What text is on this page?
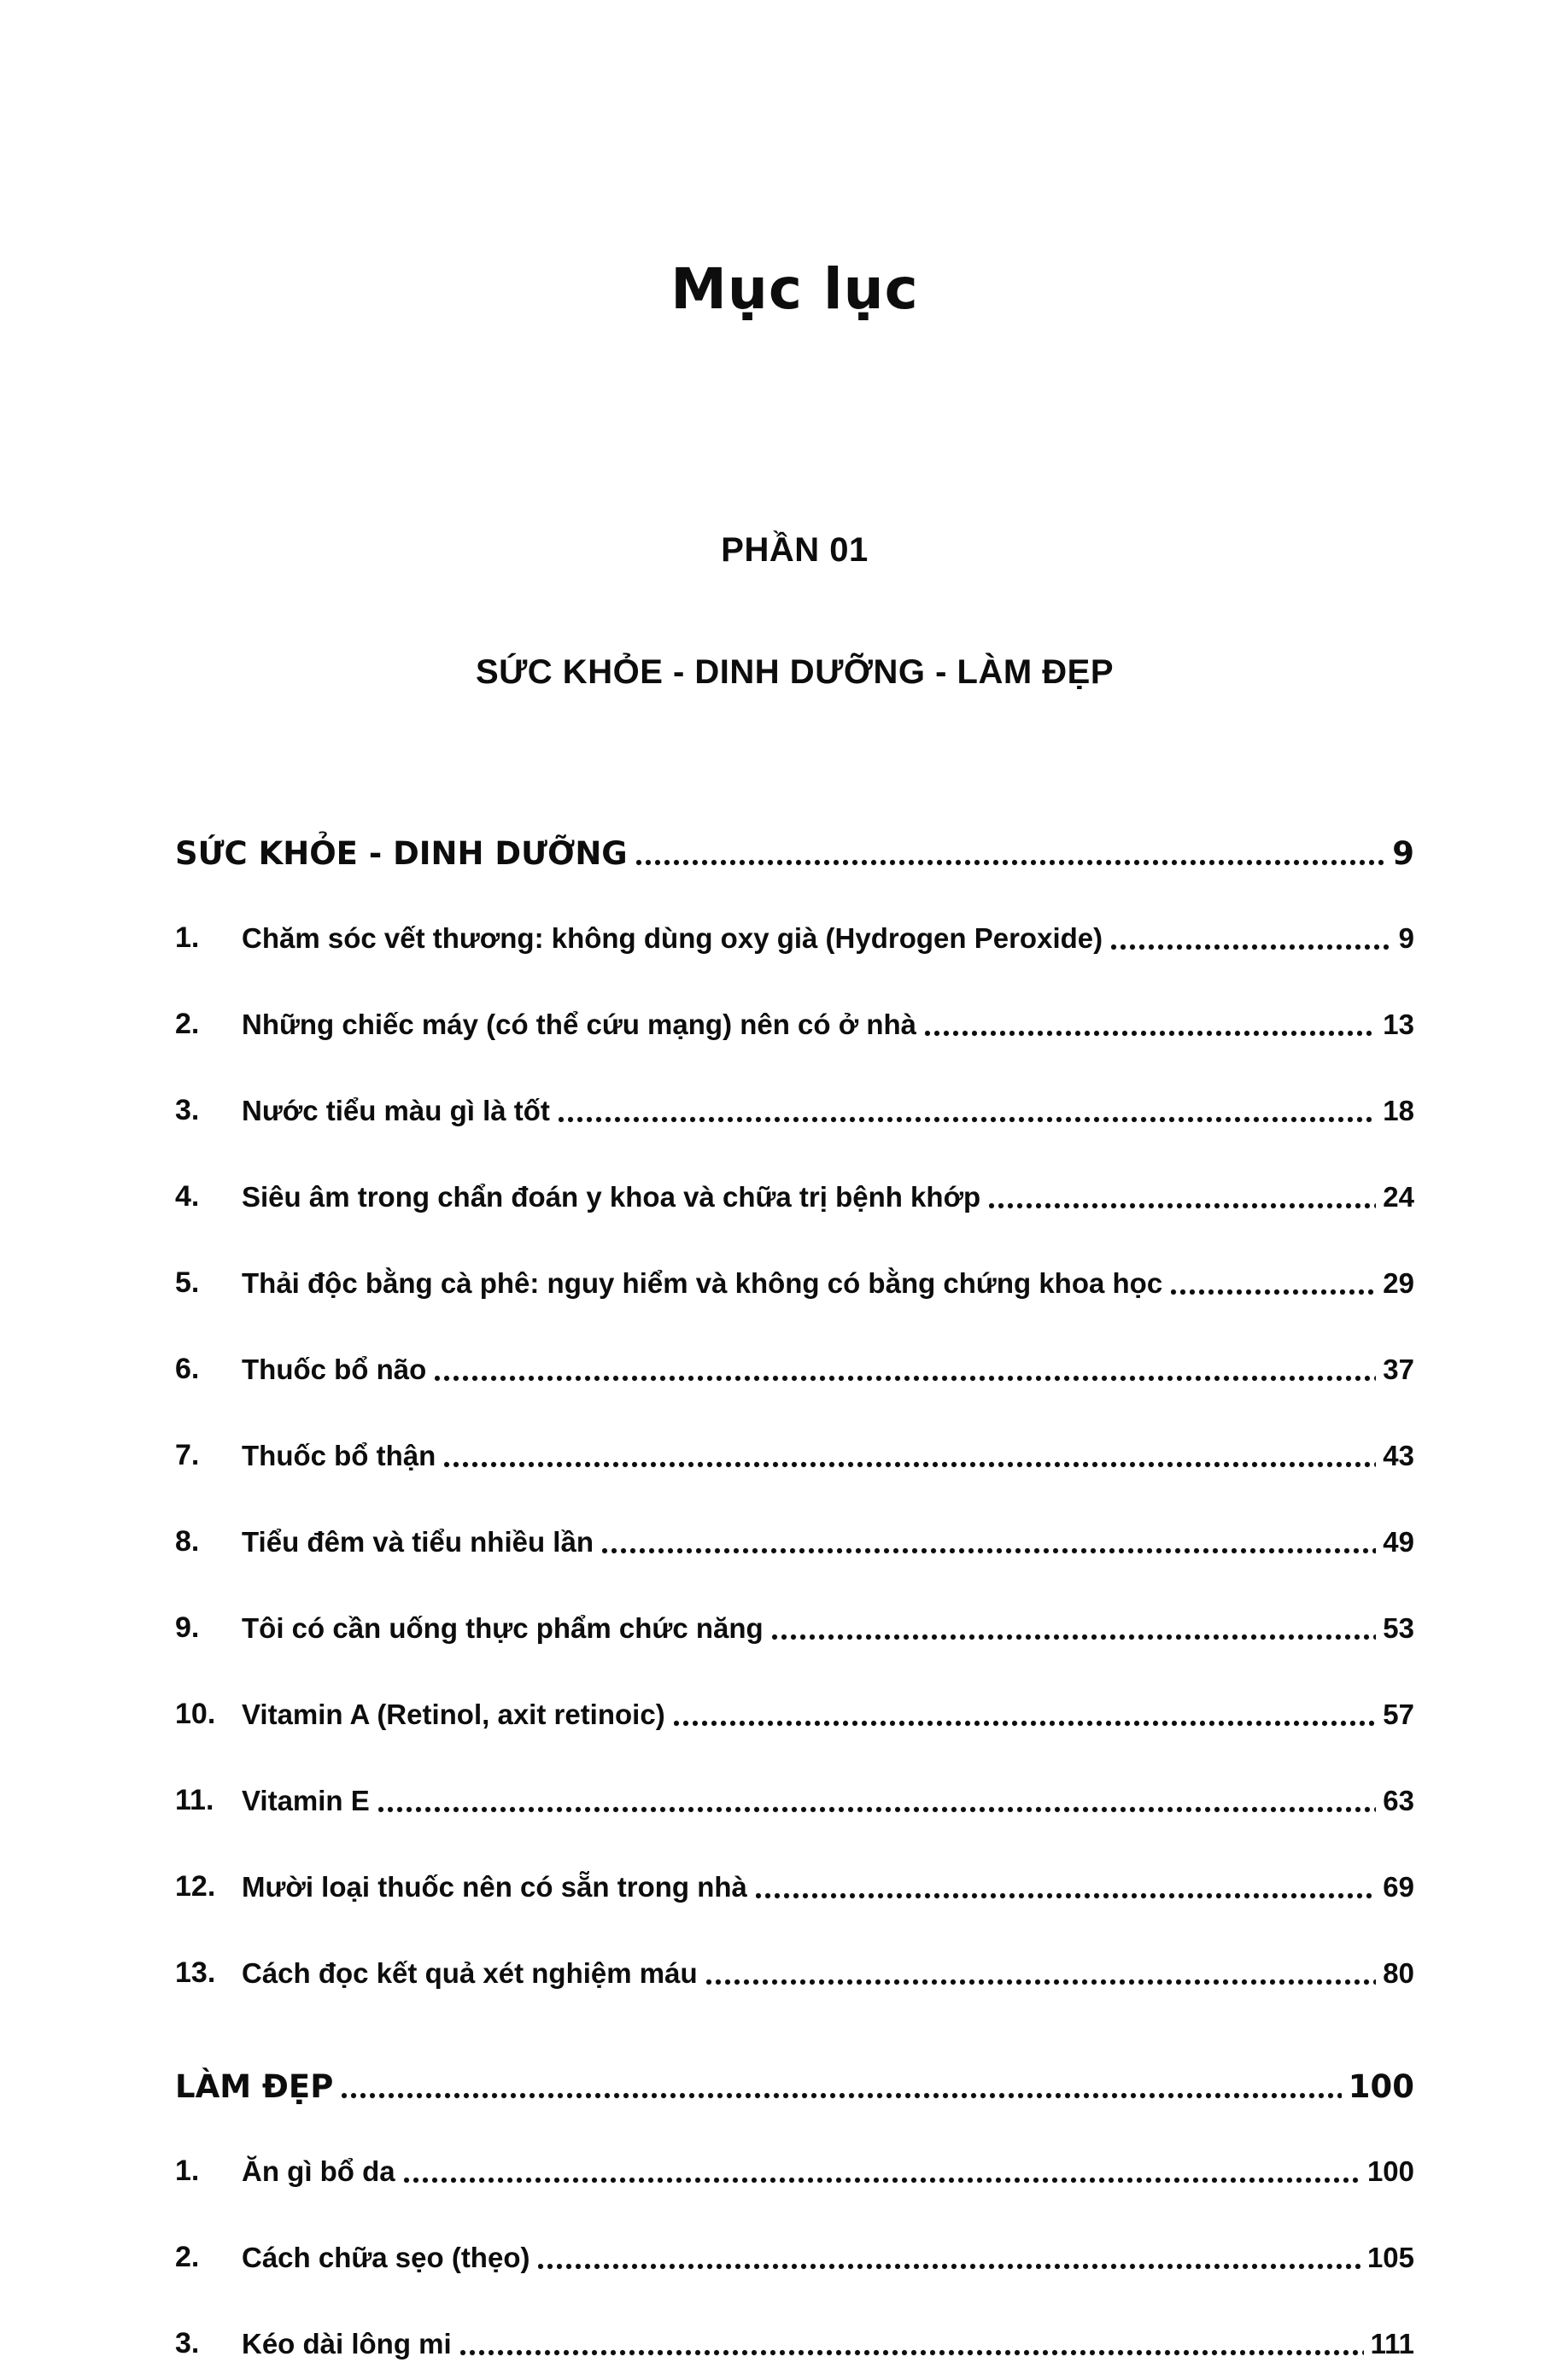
Mục lục
PHẦN 01
SỨC KHỎE - DINH DƯỠNG - LÀM ĐẸP
SỨC KHỎE - DINH DƯỠNG	9
1.	Chăm sóc vết thương: không dùng oxy già (Hydrogen Peroxide)	9
2.	Những chiếc máy (có thể cứu mạng) nên có ở nhà	13
3.	Nước tiểu màu gì là tốt	18
4.	Siêu âm trong chẩn đoán y khoa và chữa trị bệnh khớp	24
5.	Thải độc bằng cà phê: nguy hiểm và không có bằng chứng khoa học	29
6.	Thuốc bổ não	37
7.	Thuốc bổ thận	43
8.	Tiểu đêm và tiểu nhiều lần	49
9.	Tôi có cần uống thực phẩm chức năng	53
10. Vitamin A (Retinol, axit retinoic)	57
11. Vitamin E	63
12. Mười loại thuốc nên có sẵn trong nhà	69
13. Cách đọc kết quả xét nghiệm máu	80
LÀM ĐẸP	100
1.	Ăn gì bổ da	100
2.	Cách chữa sẹo (thẹo)	105
3.	Kéo dài lông mi	111
